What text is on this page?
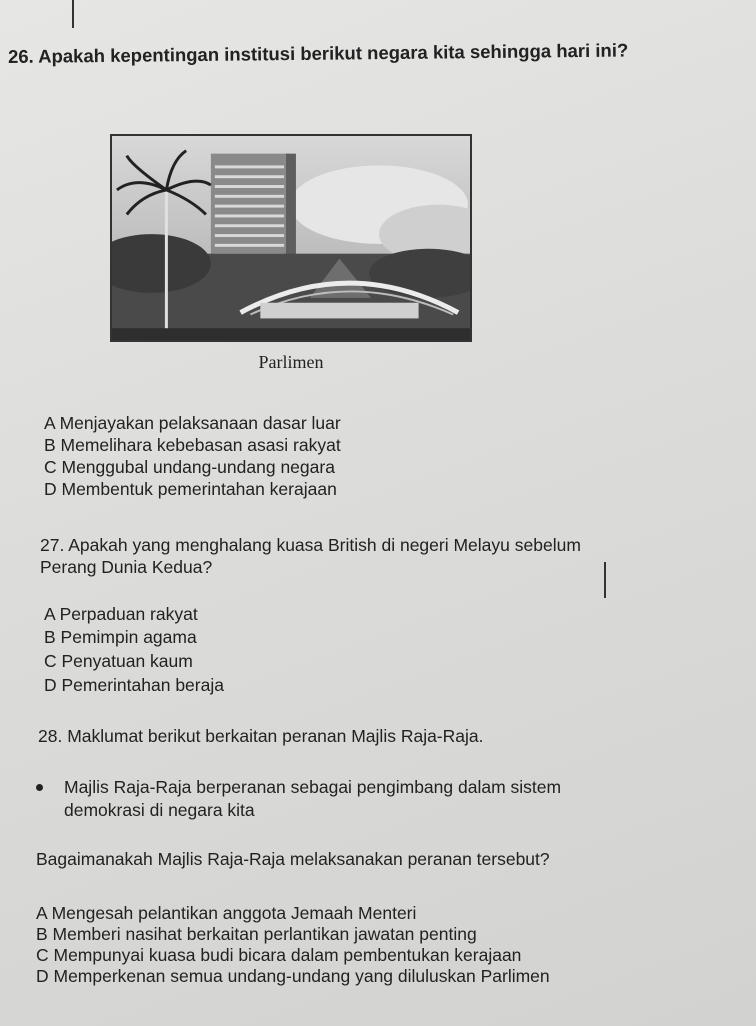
26. Apakah kepentingan institusi berikut negara kita sehingga hari ini?
Parlimen
A Menjayakan pelaksanaan dasar luar
B Memelihara kebebasan asasi rakyat
C Menggubal undang-undang negara
D Membentuk pemerintahan kerajaan
27. Apakah yang menghalang kuasa British di negeri Melayu sebelum
Perang Dunia Kedua?
A Perpaduan rakyat
B Pemimpin agama
C Penyatuan kaum
D Pemerintahan beraja
28. Maklumat berikut berkaitan peranan Majlis Raja-Raja.
Majlis Raja-Raja berperanan sebagai pengimbang dalam sistem
demokrasi di negara kita
Bagaimanakah Majlis Raja-Raja melaksanakan peranan tersebut?
A Mengesah pelantikan anggota Jemaah Menteri
B Memberi nasihat berkaitan perlantikan jawatan penting
C Mempunyai kuasa budi bicara dalam pembentukan kerajaan
D Memperkenan semua undang-undang yang diluluskan Parlimen
